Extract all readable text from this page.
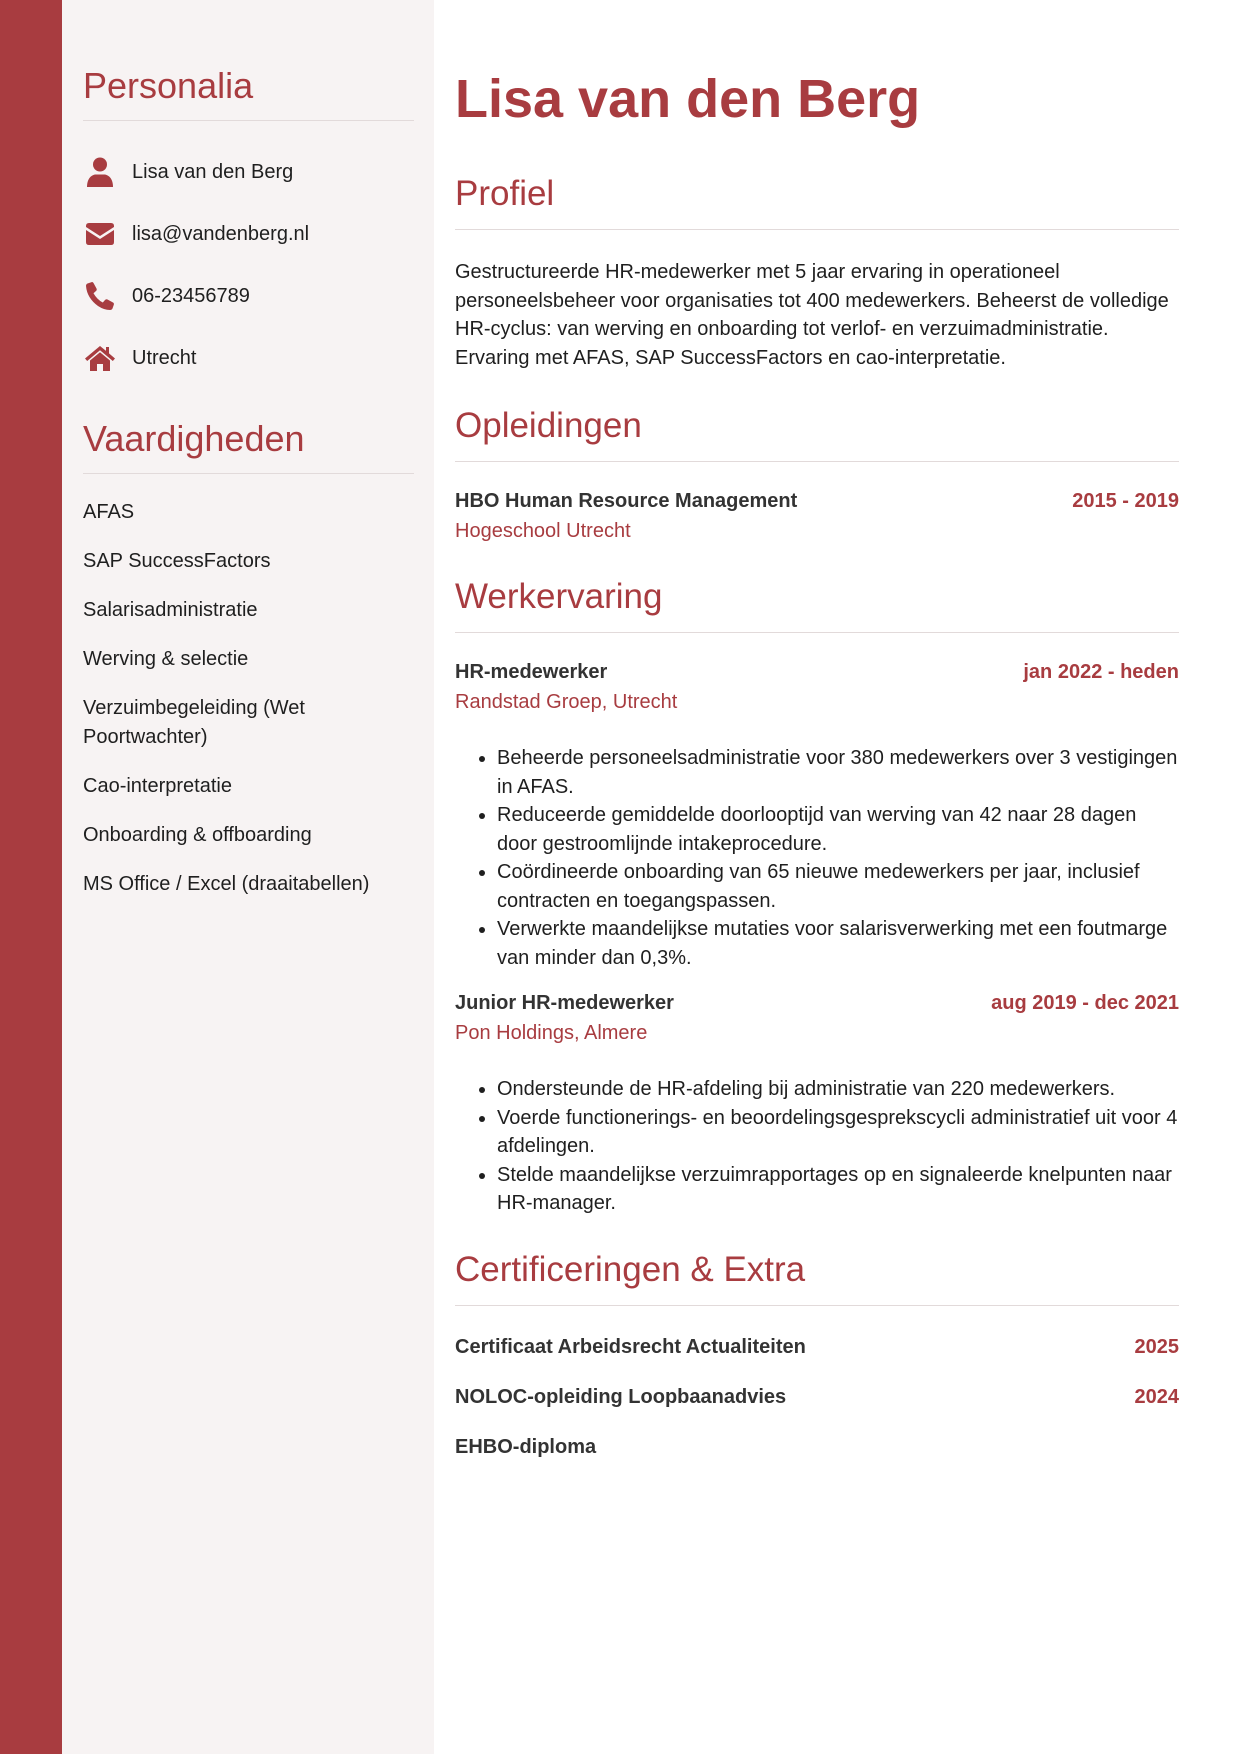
Personalia
Lisa van den Berg
lisa@vandenberg.nl
06-23456789
Utrecht
Vaardigheden
AFAS
SAP SuccessFactors
Salarisadministratie
Werving & selectie
Verzuimbegeleiding (Wet Poortwachter)
Cao-interpretatie
Onboarding & offboarding
MS Office / Excel (draaitabellen)
Lisa van den Berg
Profiel

Gestructureerde HR-medewerker met 5 jaar ervaring in operationeel personeelsbeheer voor organisaties tot 400 medewerkers. Beheerst de volledige HR-cyclus: van werving en onboarding tot verlof- en verzuimadministratie. Ervaring met AFAS, SAP SuccessFactors en cao-interpretatie.

Opleidingen
HBO Human Resource Management	2015 - 2019
Hogeschool Utrecht
Werkervaring
HR-medewerker	jan 2022 - heden
Randstad Groep, Utrecht
• Beheerde personeelsadministratie voor 380 medewerkers over 3 vestigingen in AFAS.
• Reduceerde gemiddelde doorlooptijd van werving van 42 naar 28 dagen door gestroomlijnde intakeprocedure.
• Coördineerde onboarding van 65 nieuwe medewerkers per jaar, inclusief contracten en toegangspassen.
• Verwerkte maandelijkse mutaties voor salarisverwerking met een foutmarge van minder dan 0,3%.
Junior HR-medewerker	aug 2019 - dec 2021
Pon Holdings, Almere
• Ondersteunde de HR-afdeling bij administratie van 220 medewerkers.
• Voerde functionerings- en beoordelingsgesprekscycli administratief uit voor 4 afdelingen.
• Stelde maandelijkse verzuimrapportages op en signaleerde knelpunten naar HR-manager.
Certificeringen & Extra
Certificaat Arbeidsrecht Actualiteiten	2025
NOLOC-opleiding Loopbaanadvies	2024
EHBO-diploma
